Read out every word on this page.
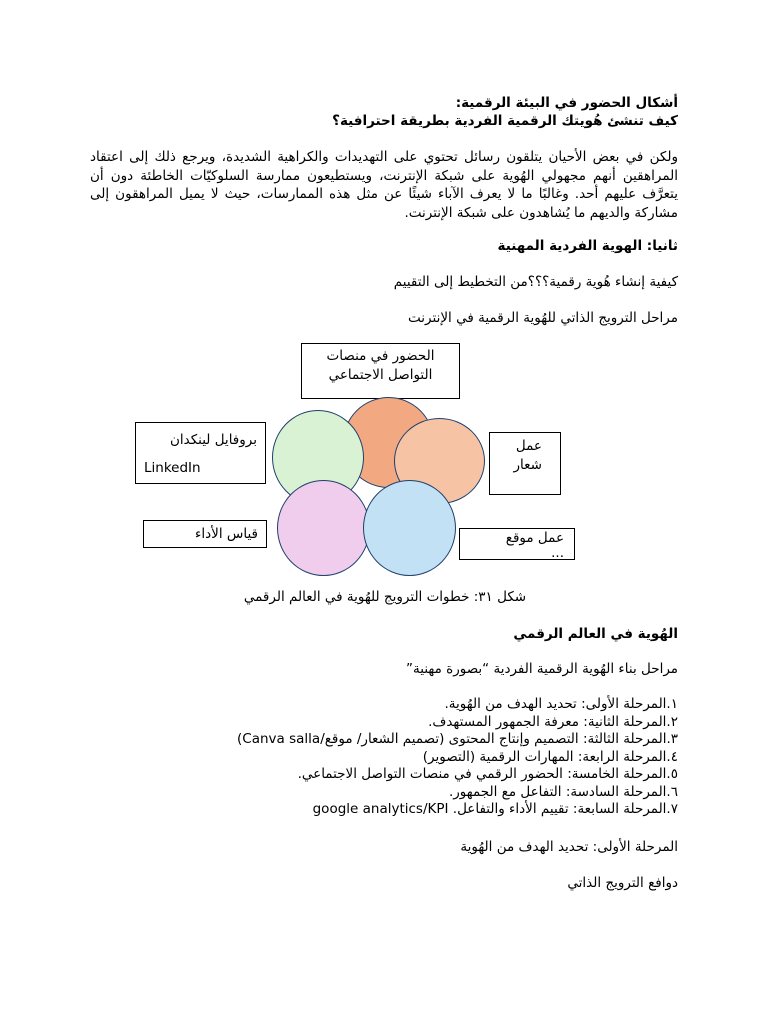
أشكال الحضور في البيئة الرقمية:
كيف تنشئ هُويتك الرقمية الفردية بطريقة احترافية؟
ولكن في بعض الأحيان يتلقون رسائل تحتوي على التهديدات والكراهية الشديدة، ويرجع ذلك إلى اعتقاد المراهقين أنهم مجهولي الهُوية على شبكة الإنترنت، ويستطيعون ممارسة السلوكيّات الخاطئة دون أن يتعرَّف عليهم أحد. وغالبًا ما لا يعرف الآباء شيئًا عن مثل هذه الممارسات، حيث لا يميل المراهقون إلى مشاركة والديهم ما يُشاهدون على شبكة الإنترنت.
ثانيا: الهوية الفردية المهنية
كيفية إنشاء هُوية رقمية؟؟؟من التخطيط إلى التقييم
مراحل الترويج الذاتي للهُوية الرقمية في الإنترنت
الحضور في منصات
التواصل الاجتماعي
بروفايل لينكدان
LinkedIn
عمل
شعار
قياس الأداء	عمل موقع
...
شكل ٣١: خطوات الترويج للهُوية في العالم الرقمي
الهُوية في العالم الرقمي
مراحل بناء الهُوية الرقمية الفردية “بصورة مهنية”
١.المرحلة الأولى: تحديد الهدف من الهُوية.
٢.المرحلة الثانية: معرفة الجمهور المستهدف.
٣.المرحلة الثالثة: التصميم وإنتاج المحتوى (تصميم الشعار/ موقع/Canva salla)
٤.المرحلة الرابعة: المهارات الرقمية (التصوير)
٥.المرحلة الخامسة: الحضور الرقمي في منصات التواصل الاجتماعي.
٦.المرحلة السادسة: التفاعل مع الجمهور.
٧.المرحلة السابعة: تقييم الأداء والتفاعل. google analytics/KPI
المرحلة الأولى: تحديد الهدف من الهُوية
دوافع الترويج الذاتي
